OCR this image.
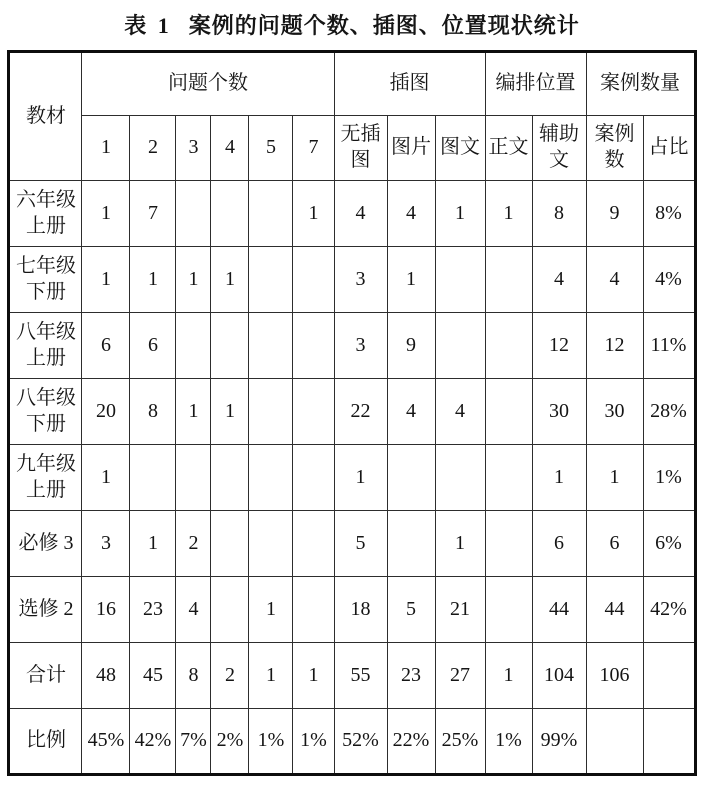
表 1 案例的问题个数、插图、位置现状统计
教材	问题个数						插图			编排位置		案例数量	
	1	2	3	4	5	7	无插图	图片	图文	正文	辅助文	案例数	占比
六年级上册	1	7				1	4	4	1	1	8	9	8%
七年级下册	1	1	1	1			3	1			4	4	4%
八年级上册	6	6					3	9			12	12	11%
八年级下册	20	8	1	1			22	4	4		30	30	28%
九年级上册	1						1				1	1	1%
必修 3	3	1	2				5		1		6	6	6%
选修 2	16	23	4		1		18	5	21		44	44	42%
合计	48	45	8	2	1	1	55	23	27	1	104	106	
比例	45%	42%	7%	2%	1%	1%	52%	22%	25%	1%	99%		
